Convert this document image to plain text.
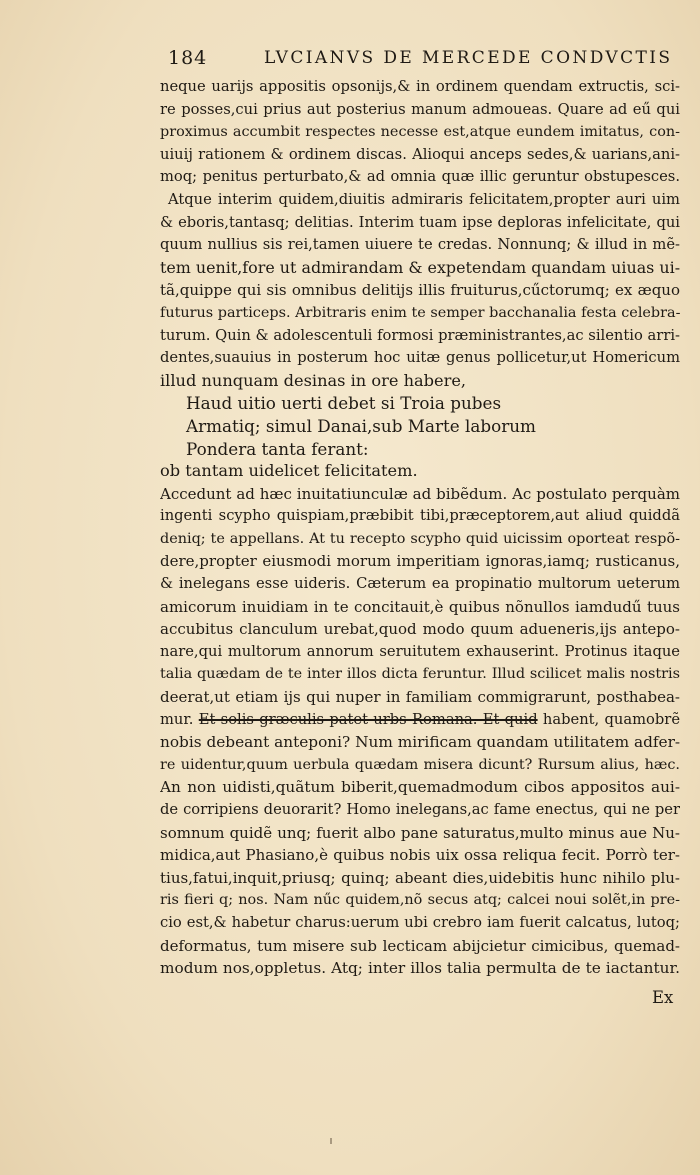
184	LVCIANVS DE MERCEDE CONDVCTIS
neque uarijs appositis opsonijs,& in ordinem quendam extructis, sci-
re posses,cui prius aut posterius manum admoueas. Quare ad eű qui
proximus accumbit respectes necesse est,atque eundem imitatus, con-
uiuij rationem & ordinem discas. Alioqui anceps sedes,& uarians,ani-
moq; penitus perturbato,& ad omnia quæ illic geruntur obstupesces.
Atque interim quidem,diuitis admiraris felicitatem,propter auri uim
& eboris,tantasq; delitias. Interim tuam ipse deploras infelicitate, qui
quum nullius sis rei,tamen uiuere te credas. Nonnunq; & illud in mẽ-
tem uenit,fore ut admirandam & expetendam quandam uiuas ui-
tã,quippe qui sis omnibus delitijs illis fruiturus,cűctorumq; ex æquo
futurus particeps. Arbitraris enim te semper bacchanalia festa celebra-
turum. Quin & adolescentuli formosi præministrantes,ac silentio arri-
dentes,suauius in posterum hoc uitæ genus pollicetur,ut Homericum
illud nunquam desinas in ore habere,
Haud uitio uerti debet si Troia pubes
Armatiq; simul Danai,sub Marte laborum
Pondera tanta ferant:
ob tantam uidelicet felicitatem.
Accedunt ad hæc inuitatiunculæ ad bibẽdum. Ac postulato perquàm
ingenti scypho quispiam,præbibit tibi,præceptorem,aut aliud quiddã
deniq; te appellans. At tu recepto scypho quid uicissim oporteat respõ-
dere,propter eiusmodi morum imperitiam ignoras,iamq; rusticanus,
& inelegans esse uideris. Cæterum ea propinatio multorum ueterum
amicorum inuidiam in te concitauit,è quibus nõnullos iamdudű tuus
accubitus clanculum urebat,quod modo quum adueneris,ijs antepo-
nare,qui multorum annorum seruitutem exhauserint. Protinus itaque
talia quædam de te inter illos dicta feruntur. Illud scilicet malis nostris
deerat,ut etiam ijs qui nuper in familiam commigrarunt, posthabea-
mur. Et solis græculis patet urbs Romana. Et quid habent, quamobrẽ
nobis debeant anteponi? Num mirificam quandam utilitatem adfer-
re uidentur,quum uerbula quædam misera dicunt? Rursum alius, hæc.
An non uidisti,quãtum biberit,quemadmodum cibos appositos aui-
de corripiens deuorarit? Homo inelegans,ac fame enectus, qui ne per
somnum quidẽ unq; fuerit albo pane saturatus,multo minus aue Nu-
midica,aut Phasiano,è quibus nobis uix ossa reliqua fecit. Porrò ter-
tius,fatui,inquit,priusq; quinq; abeant dies,uidebitis hunc nihilo plu-
ris fieri q; nos. Nam nűc quidem,nõ secus atq; calcei noui solẽt,in pre-
cio est,& habetur charus:uerum ubi crebro iam fuerit calcatus, lutoq;
deformatus, tum misere sub lecticam abijcietur cimicibus, quemad-
modum nos,oppletus. Atq; inter illos talia permulta de te iactantur.
Ex
